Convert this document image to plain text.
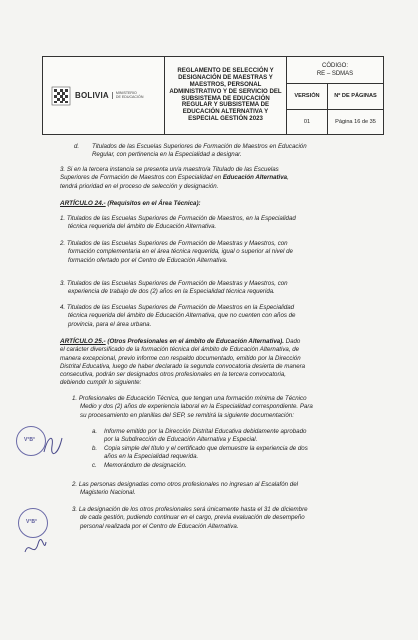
BOLIVIA	MINISTERIO
DE EDUCACIÓN
REGLAMENTO DE SELECCIÓN Y
DESIGNACIÓN DE MAESTRAS Y
MAESTROS, PERSONAL
ADMINISTRATIVO Y DE SERVICIO DEL
SUBSISTEMA DE EDUCACIÓN
REGULAR Y SUBSISTEMA DE
EDUCACIÓN ALTERNATIVA Y
ESPECIAL GESTIÓN 2023
CÓDIGO:
RE – SDMAS
VERSIÓN
01
Nº DE PÁGINAS
Página 16 de 35
d. Titulados de las Escuelas Superiores de Formación de Maestros en Educación
Regular, con pertinencia en la Especialidad a designar.
3. Si en la tercera instancia se presenta un/a maestro/a Titulado de las Escuelas
Superiores de Formación de Maestros con Especialidad en Educación Alternativa,
tendrá prioridad en el proceso de selección y designación.
ARTÍCULO 24.- (Requisitos en el Área Técnica):
1. Titulados de las Escuelas Superiores de Formación de Maestros, en la Especialidad
técnica requerida del ámbito de Educación Alternativa.
2. Titulados de las Escuelas Superiores de Formación de Maestras y Maestros, con
formación complementaria en el área técnica requerida, igual o superior al nivel de
formación ofertado por el Centro de Educación Alternativa.
3. Titulados de las Escuelas Superiores de Formación de Maestras y Maestros, con
experiencia de trabajo de dos (2) años en la Especialidad técnica requerida.
4. Titulados de las Escuelas Superiores de Formación de Maestros en la Especialidad
técnica requerida del ámbito de Educación Alternativa, que no cuenten con años de
provincia, para el área urbana.
ARTÍCULO 25.- (Otros Profesionales en el ámbito de Educación Alternativa). Dado
el carácter diversificado de la formación técnica del ámbito de Educación Alternativa, de
manera excepcional, previo informe con respaldo documentado, emitido por la Dirección
Distrital Educativa, luego de haber declarado la segunda convocatoria desierta de manera
consecutiva, podrán ser designados otros profesionales en la tercera convocatoria,
debiendo cumplir lo siguiente:
1. Profesionales de Educación Técnica, que tengan una formación mínima de Técnico
Medio y dos (2) años de experiencia laboral en la Especialidad correspondiente. Para
su procesamiento en planillas del SEP, se remitirá la siguiente documentación:
a. Informe emitido por la Dirección Distrital Educativa debidamente aprobado
por la Subdirección de Educación Alternativa y Especial.
b. Copia simple del título y el certificado que demuestre la experiencia de dos
años en la Especialidad requerida.
c. Memorándum de designación.
2. Las personas designadas como otros profesionales no ingresan al Escalafón del
Magisterio Nacional.
3. La designación de los otros profesionales será únicamente hasta el 31 de diciembre
de cada gestión, pudiendo continuar en el cargo, previa evaluación de desempeño
personal realizada por el Centro de Educación Alternativa.
V°B°
V°B°
